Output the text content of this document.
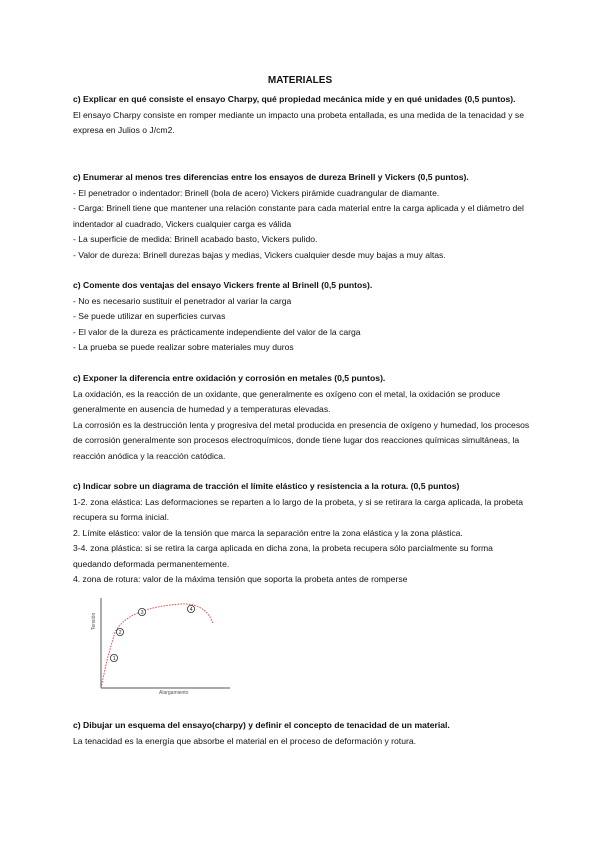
MATERIALES
c) Explicar en qué consiste el ensayo Charpy, qué propiedad mecánica mide y en qué unidades (0,5 puntos).
El ensayo Charpy consiste en romper mediante un impacto una probeta entallada, es una medida de la tenacidad y se expresa en Julios o J/cm2.
c) Enumerar al menos tres diferencias entre los ensayos de dureza Brinell y Vickers (0,5 puntos).
- El penetrador o indentador: Brinell (bola de acero) Vickers pirámide cuadrangular de diamante.
- Carga: Brinell tiene que mantener una relación constante para cada material entre la carga aplicada y el diámetro del indentador al cuadrado, Vickers cualquier carga es válida
- La superficie de medida: Brinell acabado basto, Vickers pulido.
- Valor de dureza: Brinell durezas bajas y medias, Vickers cualquier desde muy bajas a muy altas.
c) Comente dos ventajas del ensayo Vickers frente al Brinell (0,5 puntos).
- No es necesario sustituir el penetrador al variar la carga
- Se puede utilizar en superficies curvas
- El valor de la dureza es prácticamente independiente del valor de la carga
- La prueba se puede realizar sobre materiales muy duros
c) Exponer la diferencia entre oxidación y corrosión en metales (0,5 puntos).
La oxidación, es la reacción de un oxidante, que generalmente es oxígeno con el metal, la oxidación se produce generalmente en ausencia de humedad y a temperaturas elevadas.
La corrosión es la destrucción lenta y progresiva del metal producida en presencia de oxígeno y humedad, los procesos de corrosión generalmente son procesos electroquímicos, donde tiene lugar dos reacciones químicas simultáneas, la reacción anódica y la reacción catódica.
c) Indicar sobre un diagrama de tracción el límite elástico y resistencia a la rotura. (0,5 puntos)
1-2. zona elástica: Las deformaciones se reparten a lo largo de la probeta, y si se retirara la carga aplicada, la probeta recupera su forma inicial.
2. Límite elástico: valor de la tensión que marca la separación entre la zona elástica y la zona plástica.
3-4. zona plástica: si se retira la carga aplicada en dicha zona, la probeta recupera sólo parcialmente su forma quedando deformada permanentemente.
4. zona de rotura: valor de la máxima tensión que soporta la probeta antes de romperse
Tensión
Alargamiento
1
2
3	4
c) Dibujar un esquema del ensayo(charpy) y definir el concepto de tenacidad de un material.
La tenacidad es la energía que absorbe el material en el proceso de deformación y rotura.
